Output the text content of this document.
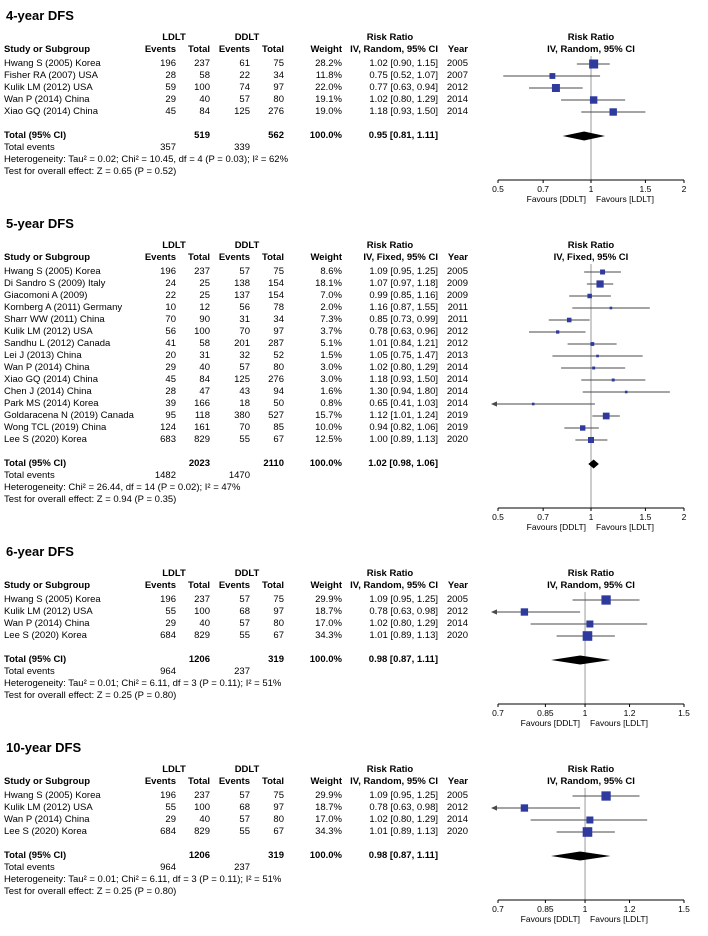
4-year DFS
LDLT	DDLT	Risk Ratio	Risk Ratio
Study or Subgroup	Events	Total Events	Total	Weight IV, Random, 95% CI	Year	IV, Random, 95% CI
Hwang S (2005) Korea	196	237	61	75	28.2%	1.02 [0.90, 1.15] 2005
Fisher RA (2007) USA	28	58	22	34	11.8%	0.75 [0.52, 1.07] 2007
Kulik LM (2012) USA	59	100	74	97	22.0%	0.77 [0.63, 0.94] 2012
Wan P (2014) China	29	40	57	80	19.1%	1.02 [0.80, 1.29] 2014
Xiao GQ (2014) China	45	84	125	276	19.0%	1.18 [0.93, 1.50] 2014
Total (95% CI)	519	562	100.0%	0.95 [0.81, 1.11]
Total events	357	339
Heterogeneity: Tau² = 0.02; Chi² = 10.45, df = 4 (P = 0.03); I² = 62%
Test for overall effect: Z = 0.65 (P = 0.52)
0.5	0.7	1	1.5	2
Favours [DDLT] Favours [LDLT]
5-year DFS
LDLT	DDLT	Risk Ratio	Risk Ratio
Study or Subgroup	Events	Total Events	Total	Weight	IV, Fixed, 95% CI	Year	IV, Fixed, 95% CI
Hwang S (2005) Korea	196	237	57	75	8.6%	1.09 [0.95, 1.25] 2005
Di Sandro S (2009) Italy	24	25	138	154	18.1%	1.07 [0.97, 1.18] 2009
Giacomoni A (2009)	22	25	137	154	7.0%	0.99 [0.85, 1.16] 2009
Kornberg A (2011) Germany	10	12	56	78	2.0%	1.16 [0.87, 1.55]	2011
Sharr WW (2011) China	70	90	31	34	7.3%	0.85 [0.73, 0.99]	2011
Kulik LM (2012) USA	56	100	70	97	3.7%	0.78 [0.63, 0.96] 2012
Sandhu L (2012) Canada	41	58	201	287	5.1%	1.01 [0.84, 1.21] 2012
Lei J (2013) China	20	31	32	52	1.5%	1.05 [0.75, 1.47] 2013
Wan P (2014) China	29	40	57	80	3.0%	1.02 [0.80, 1.29] 2014
Xiao GQ (2014) China	45	84	125	276	3.0%	1.18 [0.93, 1.50] 2014
Chen J (2014) China	28	47	43	94	1.6%	1.30 [0.94, 1.80] 2014
Park MS (2014) Korea	39	166	18	50	0.8%	0.65 [0.41, 1.03] 2014
Goldaracena N (2019) Canada	95	118	380	527	15.7%	1.12 [1.01, 1.24] 2019
Wong TCL (2019) China	124	161	70	85	10.0%	0.94 [0.82, 1.06] 2019
Lee S (2020) Korea	683	829	55	67	12.5%	1.00 [0.89, 1.13] 2020
Total (95% CI)	2023	2110	100.0%	1.02 [0.98, 1.06]
Total events	1482	1470
Heterogeneity: Chi² = 26.44, df = 14 (P = 0.02); I² = 47%
Test for overall effect: Z = 0.94 (P = 0.35)
0.5	0.7	1	1.5	2
Favours [DDLT] Favours [LDLT]
6-year DFS
LDLT	DDLT	Risk Ratio	Risk Ratio
Study or Subgroup	Events	Total Events	Total	Weight IV, Random, 95% CI	Year	IV, Random, 95% CI
Hwang S (2005) Korea	196	237	57	75	29.9%	1.09 [0.95, 1.25] 2005
Kulik LM (2012) USA	55	100	68	97	18.7%	0.78 [0.63, 0.98] 2012
Wan P (2014) China	29	40	57	80	17.0%	1.02 [0.80, 1.29] 2014
Lee S (2020) Korea	684	829	55	67	34.3%	1.01 [0.89, 1.13] 2020
Total (95% CI)	1206	319	100.0%	0.98 [0.87, 1.11]
Total events	964	237
Heterogeneity: Tau² = 0.01; Chi² = 6.11, df = 3 (P = 0.11); I² = 51%
Test for overall effect: Z = 0.25 (P = 0.80)
0.7	0.85	1	1.2	1.5
Favours [DDLT] Favours [LDLT]
10-year DFS
LDLT	DDLT	Risk Ratio	Risk Ratio
Study or Subgroup	Events	Total Events	Total	Weight IV, Random, 95% CI	Year	IV, Random, 95% CI
Hwang S (2005) Korea	196	237	57	75	29.9%	1.09 [0.95, 1.25] 2005
Kulik LM (2012) USA	55	100	68	97	18.7%	0.78 [0.63, 0.98] 2012
Wan P (2014) China	29	40	57	80	17.0%	1.02 [0.80, 1.29] 2014
Lee S (2020) Korea	684	829	55	67	34.3%	1.01 [0.89, 1.13] 2020
Total (95% CI)	1206	319	100.0%	0.98 [0.87, 1.11]
Total events	964	237
Heterogeneity: Tau² = 0.01; Chi² = 6.11, df = 3 (P = 0.11); I² = 51%
Test for overall effect: Z = 0.25 (P = 0.80)
0.7	0.85	1	1.2	1.5
Favours [DDLT] Favours [LDLT]
